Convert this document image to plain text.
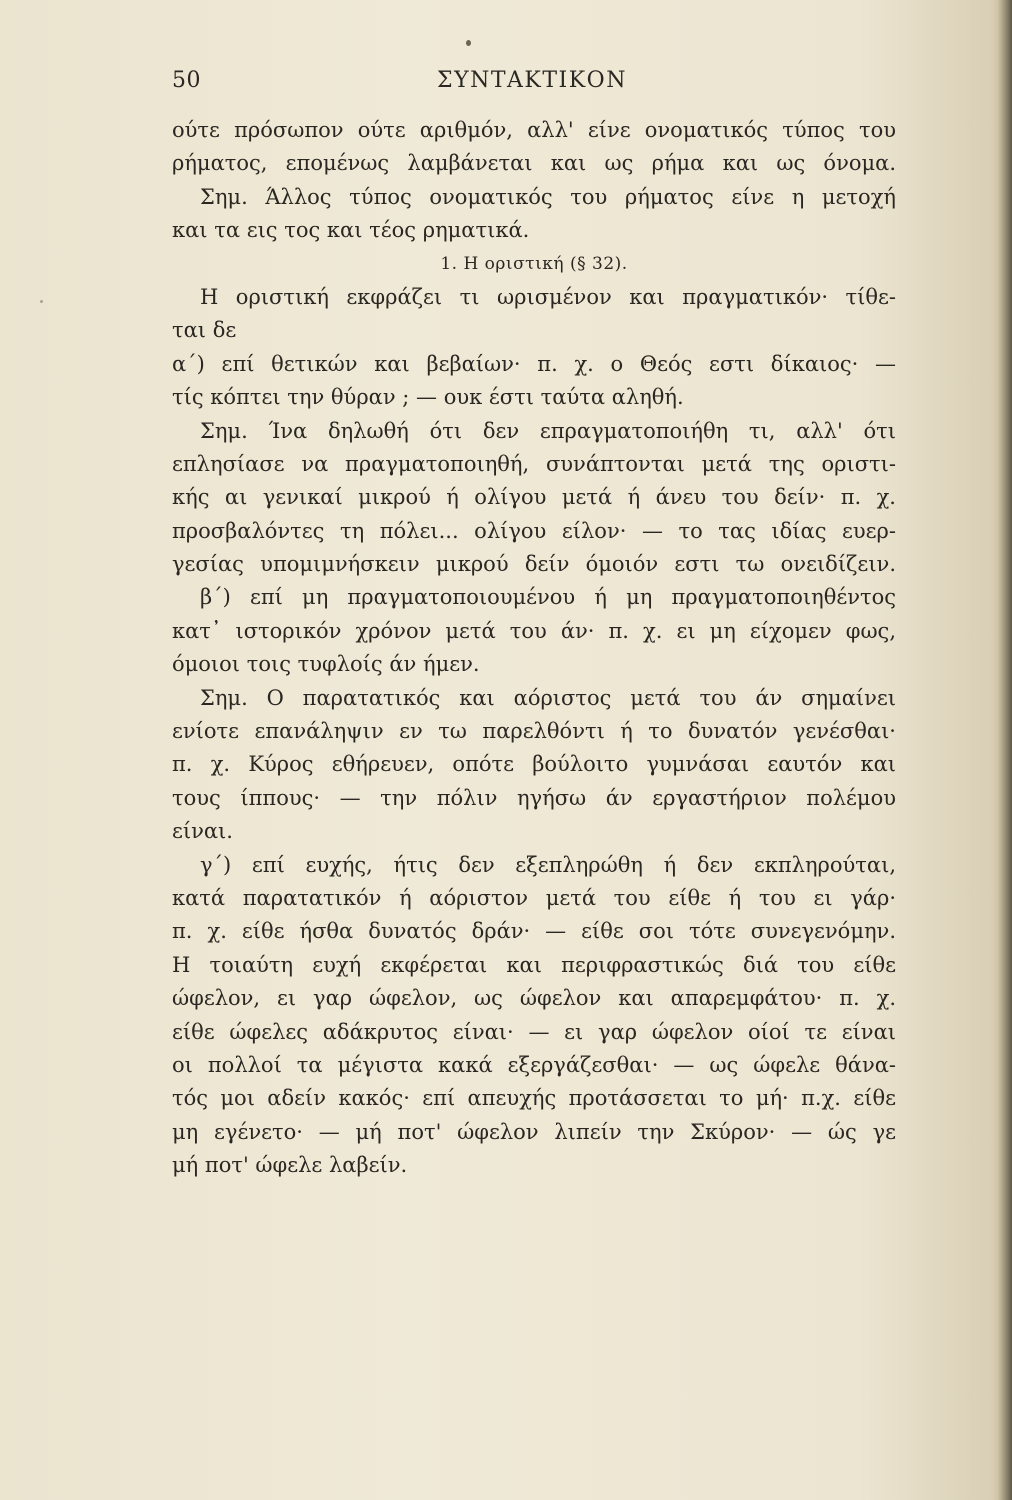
50	ΣΥΝΤΑΚΤΙΚΟΝ
ούτε πρόσωπον ούτε αριθμόν, αλλ' είνε ονοματικός τύπος του
ρήματος, επομένως λαμβάνεται και ως ρήμα και ως όνομα.
Σημ. Άλλος τύπος ονοματικός του ρήματος είνε η μετοχή
και τα εις τος και τέος ρηματικά.
1. Η οριστική (§ 32).
Η οριστική εκφράζει τι ωρισμένον και πραγματικόν· τίθε-
ται δε
α΄) επί θετικών και βεβαίων· π. χ. ο Θεός εστι δίκαιος· —
τίς κόπτει την θύραν ; — ουκ έστι ταύτα αληθή.
Σημ. Ίνα δηλωθή ότι δεν επραγματοποιήθη τι, αλλ' ότι
επλησίασε να πραγματοποιηθή, συνάπτονται μετά της οριστι-
κής αι γενικαί μικρού ή ολίγου μετά ή άνευ του δείν· π. χ.
προσβαλόντες τη πόλει... ολίγου είλον· — το τας ιδίας ευερ-
γεσίας υπομιμνήσκειν μικρού δείν όμοιόν εστι τω ονειδίζειν.
β΄) επί μη πραγματοποιουμένου ή μη πραγματοποιηθέντος
κατ᾽ ιστορικόν χρόνον μετά του άν· π. χ. ει μη είχομεν φως,
όμοιοι τοις τυφλοίς άν ήμεν.
Σημ. Ο παρατατικός και αόριστος μετά του άν σημαίνει
ενίοτε επανάληψιν εν τω παρελθόντι ή το δυνατόν γενέσθαι·
π. χ. Κύρος εθήρευεν, οπότε βούλοιτο γυμνάσαι εαυτόν και
τους ίππους· — την πόλιν ηγήσω άν εργαστήριον πολέμου
είναι.
γ΄) επί ευχής, ήτις δεν εξεπληρώθη ή δεν εκπληρούται,
κατά παρατατικόν ή αόριστον μετά του είθε ή του ει γάρ·
π. χ. είθε ήσθα δυνατός δράν· — είθε σοι τότε συνεγενόμην.
Η τοιαύτη ευχή εκφέρεται και περιφραστικώς διά του είθε
ώφελον, ει γαρ ώφελον, ως ώφελον και απαρεμφάτου· π. χ.
είθε ώφελες αδάκρυτος είναι· — ει γαρ ώφελον οίοί τε είναι
οι πολλοί τα μέγιστα κακά εξεργάζεσθαι· — ως ώφελε θάνα-
τός μοι αδείν κακός· επί απευχής προτάσσεται το μή· π.χ. είθε
μη εγένετο· — μή ποτ' ώφελον λιπείν την Σκύρον· — ώς γε
μή ποτ' ώφελε λαβείν.
